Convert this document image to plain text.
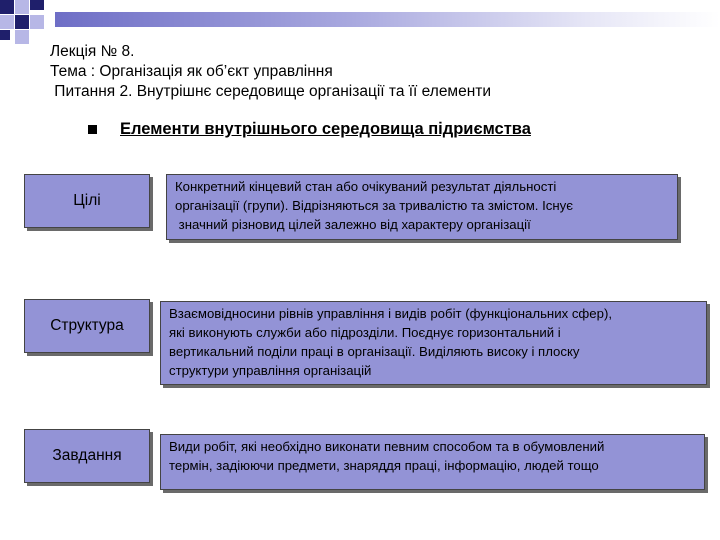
Лекція № 8.
Тема : Організація як об’єкт управління
Питання 2. Внутрішнє середовище організації та її елементи
Елементи внутрішнього середовища підриємства
Цілі
Конкретний кінцевий стан або очікуваний результат діяльності
організації (групи). Відрізняються за тривалістю та змістом. Існує
значний різновид цілей залежно від характеру організації
Структура
Взаємовідносини рівнів управління і видів робіт (функціональних сфер),
які виконують служби або підрозділи. Поєднує горизонтальний і
вертикальний поділи праці в організації. Виділяють високу і плоску
структури управління організацій
Завдання
Види робіт, які необхідно виконати певним способом та в обумовлений
термін, задіюючи предмети, знаряддя праці, інформацію, людей тощо
